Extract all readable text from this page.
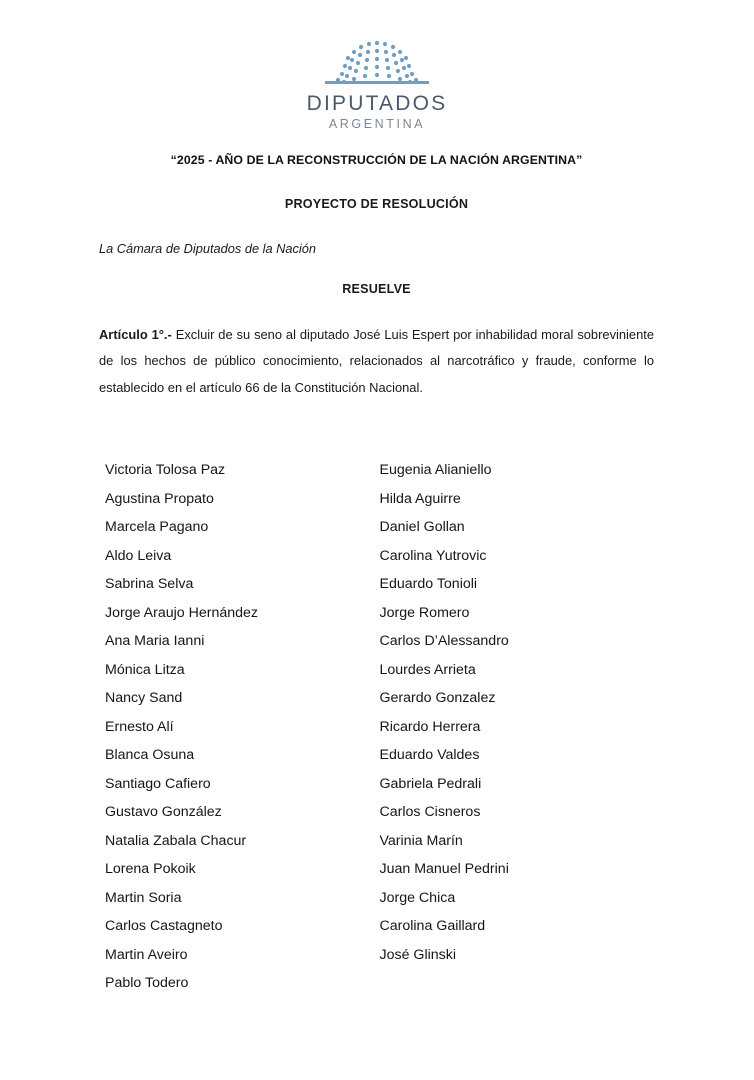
DIPUTADOS
ARGENTINA
“2025 - AÑO DE LA RECONSTRUCCIÓN DE LA NACIÓN ARGENTINA”
PROYECTO DE RESOLUCIÓN
La Cámara de Diputados de la Nación
RESUELVE
Artículo 1°.- Excluir de su seno al diputado José Luis Espert por inhabilidad moral sobreviniente de los hechos de público conocimiento, relacionados al narcotráfico y fraude, conforme lo establecido en el artículo 66 de la Constitución Nacional.
Victoria Tolosa Paz
Agustina Propato
Marcela Pagano
Aldo Leiva
Sabrina Selva
Jorge Araujo Hernández
Ana Maria Ianni
Mónica Litza
Nancy Sand
Ernesto Alí
Blanca Osuna
Santiago Cafiero
Gustavo González
Natalia Zabala Chacur
Lorena Pokoik
Martin Soria
Carlos Castagneto
Martin Aveiro
Pablo Todero
Eugenia Alianiello
Hilda Aguirre
Daniel Gollan
Carolina Yutrovic
Eduardo Tonioli
Jorge Romero
Carlos D’Alessandro
Lourdes Arrieta
Gerardo Gonzalez
Ricardo Herrera
Eduardo Valdes
Gabriela Pedrali
Carlos Cisneros
Varinia Marín
Juan Manuel Pedrini
Jorge Chica
Carolina Gaillard
José Glinski
